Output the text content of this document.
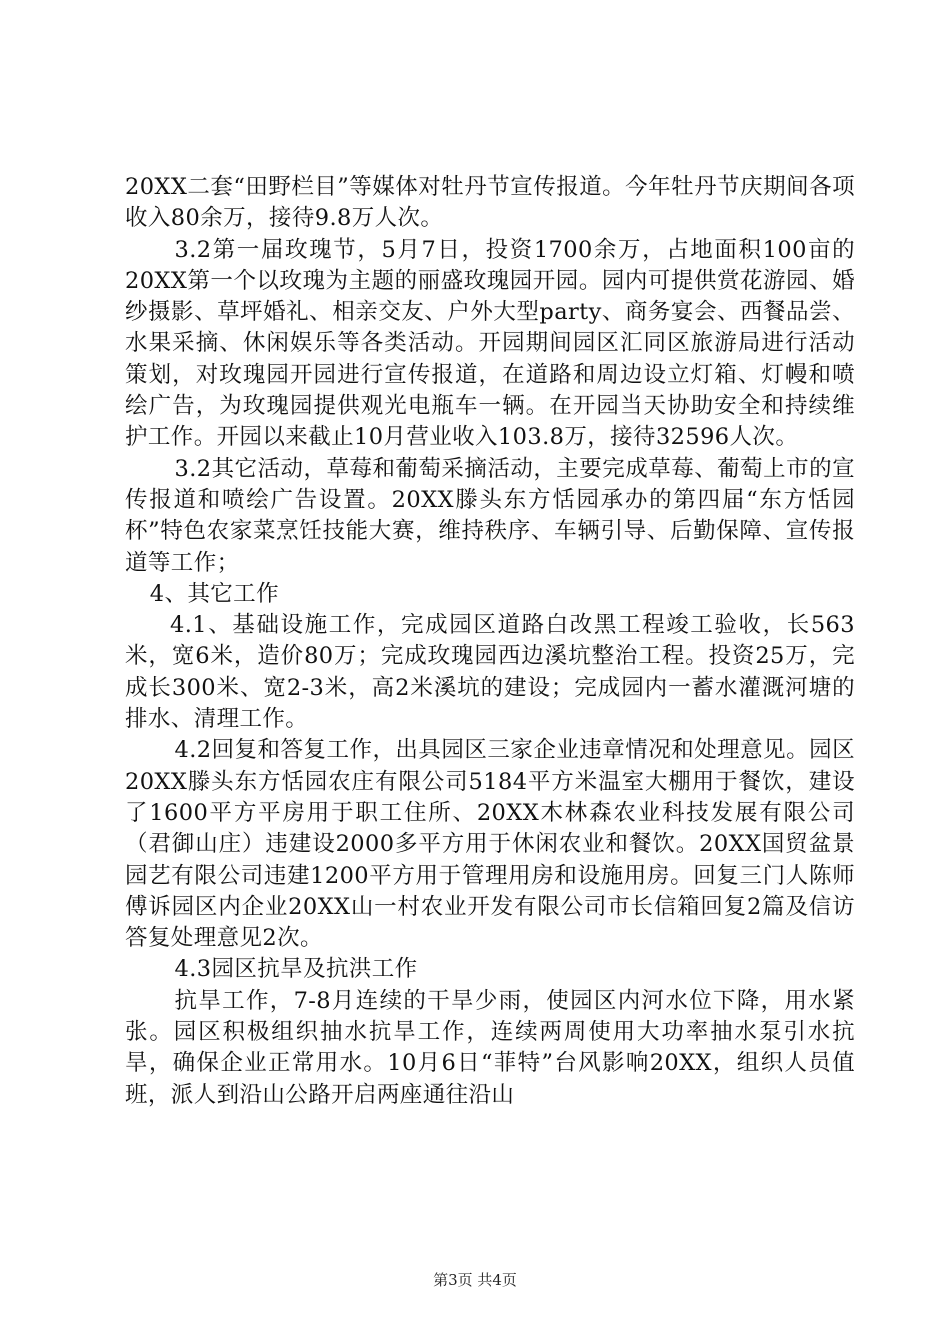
20XX二套“田野栏目”等媒体对牡丹节宣传报道。今年牡丹节庆期间各项收入80余万，接待9.8万人次。

3.2第一届玫瑰节，5月7日，投资1700余万，占地面积100亩的20XX第一个以玫瑰为主题的丽盛玫瑰园开园。园内可提供赏花游园、婚纱摄影、草坪婚礼、相亲交友、户外大型party、商务宴会、西餐品尝、水果采摘、休闲娱乐等各类活动。开园期间园区汇同区旅游局进行活动策划，对玫瑰园开园进行宣传报道，在道路和周边设立灯箱、灯幔和喷绘广告，为玫瑰园提供观光电瓶车一辆。在开园当天协助安全和持续维护工作。开园以来截止10月营业收入103.8万，接待32596人次。

3.2其它活动，草莓和葡萄采摘活动，主要完成草莓、葡萄上市的宣传报道和喷绘广告设置。20XX滕头东方恬园承办的第四届“东方恬园杯”特色农家菜烹饪技能大赛，维持秩序、车辆引导、后勤保障、宣传报道等工作；

4、其它工作

4.1、基础设施工作，完成园区道路白改黑工程竣工验收，长563米，宽6米，造价80万；完成玫瑰园西边溪坑整治工程。投资25万，完成长300米、宽2-3米，高2米溪坑的建设；完成园内一蓄水灌溉河塘的排水、清理工作。

4.2回复和答复工作，出具园区三家企业违章情况和处理意见。园区20XX滕头东方恬园农庄有限公司5184平方米温室大棚用于餐饮，建设了1600平方平房用于职工住所、20XX木林森农业科技发展有限公司（君御山庄）违建设2000多平方用于休闲农业和餐饮。20XX国贸盆景园艺有限公司违建1200平方用于管理用房和设施用房。回复三门人陈师傅诉园区内企业20XX山一村农业开发有限公司市长信箱回复2篇及信访答复处理意见2次。

4.3园区抗旱及抗洪工作

抗旱工作，7-8月连续的干旱少雨，使园区内河水位下降，用水紧张。园区积极组织抽水抗旱工作，连续两周使用大功率抽水泵引水抗旱，确保企业正常用水。10月6日“菲特”台风影响20XX，组织人员值班，派人到沿山公路开启两座通往沿山

第3页 共4页
